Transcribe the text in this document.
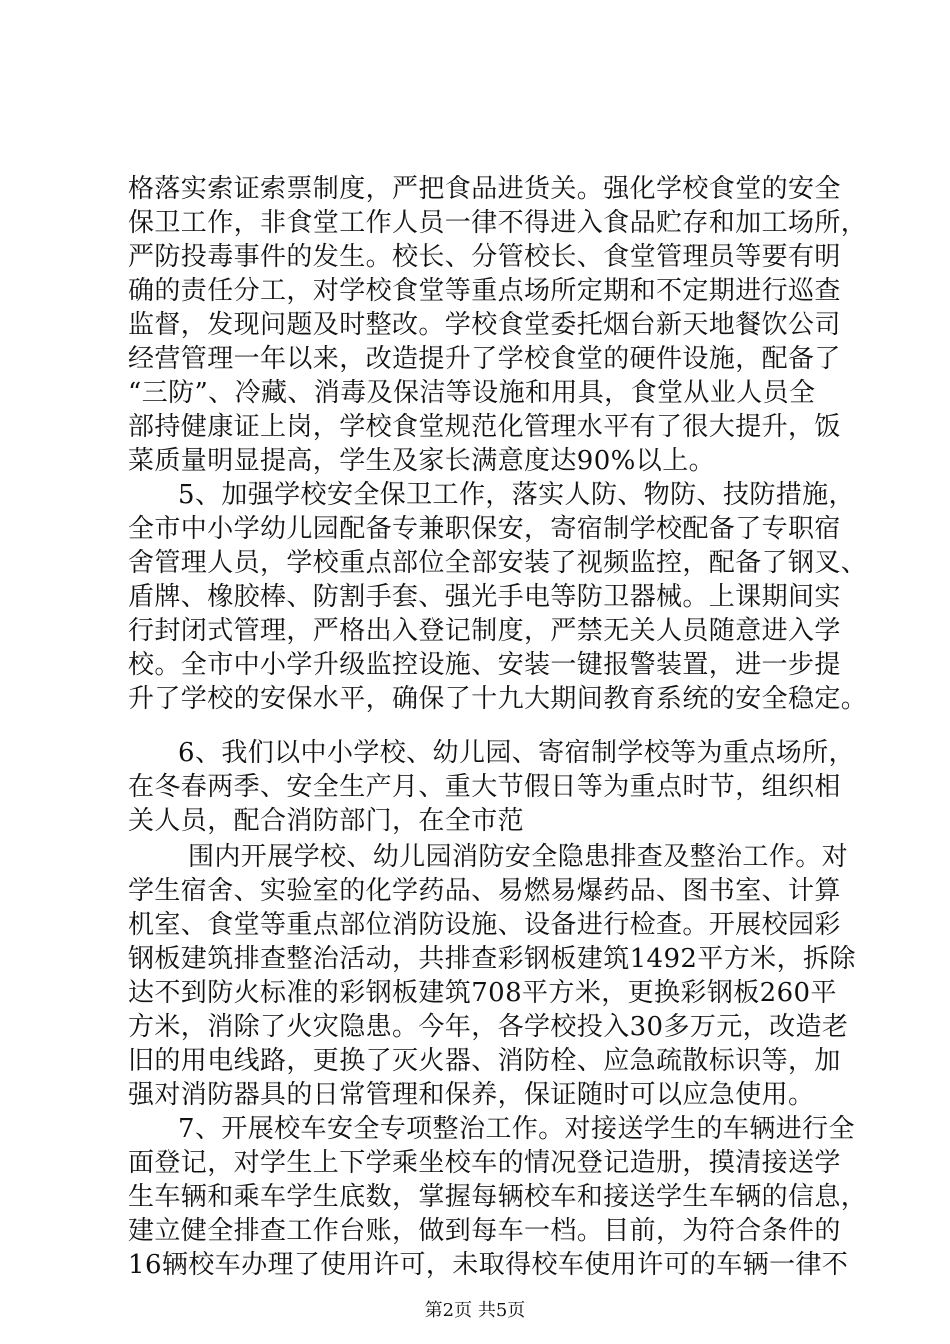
格落实索证索票制度，严把食品进货关。强化学校食堂的安全
保卫工作，非食堂工作人员一律不得进入食品贮存和加工场所，
严防投毒事件的发生。校长、分管校长、食堂管理员等要有明
确的责任分工，对学校食堂等重点场所定期和不定期进行巡查
监督，发现问题及时整改。学校食堂委托烟台新天地餐饮公司
经营管理一年以来，改造提升了学校食堂的硬件设施，配备了
“三防”、冷藏、消毒及保洁等设施和用具，食堂从业人员全
部持健康证上岗，学校食堂规范化管理水平有了很大提升，饭
菜质量明显提高，学生及家长满意度达90%以上。
5、加强学校安全保卫工作，落实人防、物防、技防措施，
全市中小学幼儿园配备专兼职保安，寄宿制学校配备了专职宿
舍管理人员，学校重点部位全部安装了视频监控，配备了钢叉、
盾牌、橡胶棒、防割手套、强光手电等防卫器械。上课期间实
行封闭式管理，严格出入登记制度，严禁无关人员随意进入学
校。全市中小学升级监控设施、安装一键报警装置，进一步提
升了学校的安保水平，确保了十九大期间教育系统的安全稳定。
6、我们以中小学校、幼儿园、寄宿制学校等为重点场所，
在冬春两季、安全生产月、重大节假日等为重点时节，组织相
关人员，配合消防部门，在全市范
围内开展学校、幼儿园消防安全隐患排查及整治工作。对
学生宿舍、实验室的化学药品、易燃易爆药品、图书室、计算
机室、食堂等重点部位消防设施、设备进行检查。开展校园彩
钢板建筑排查整治活动，共排查彩钢板建筑1492平方米，拆除
达不到防火标准的彩钢板建筑708平方米，更换彩钢板260平
方米，消除了火灾隐患。今年，各学校投入30多万元，改造老
旧的用电线路，更换了灭火器、消防栓、应急疏散标识等，加
强对消防器具的日常管理和保养，保证随时可以应急使用。
7、开展校车安全专项整治工作。对接送学生的车辆进行全
面登记，对学生上下学乘坐校车的情况登记造册，摸清接送学
生车辆和乘车学生底数，掌握每辆校车和接送学生车辆的信息，
建立健全排查工作台账，做到每车一档。目前，为符合条件的
16辆校车办理了使用许可，未取得校车使用许可的车辆一律不
第2页 共5页
